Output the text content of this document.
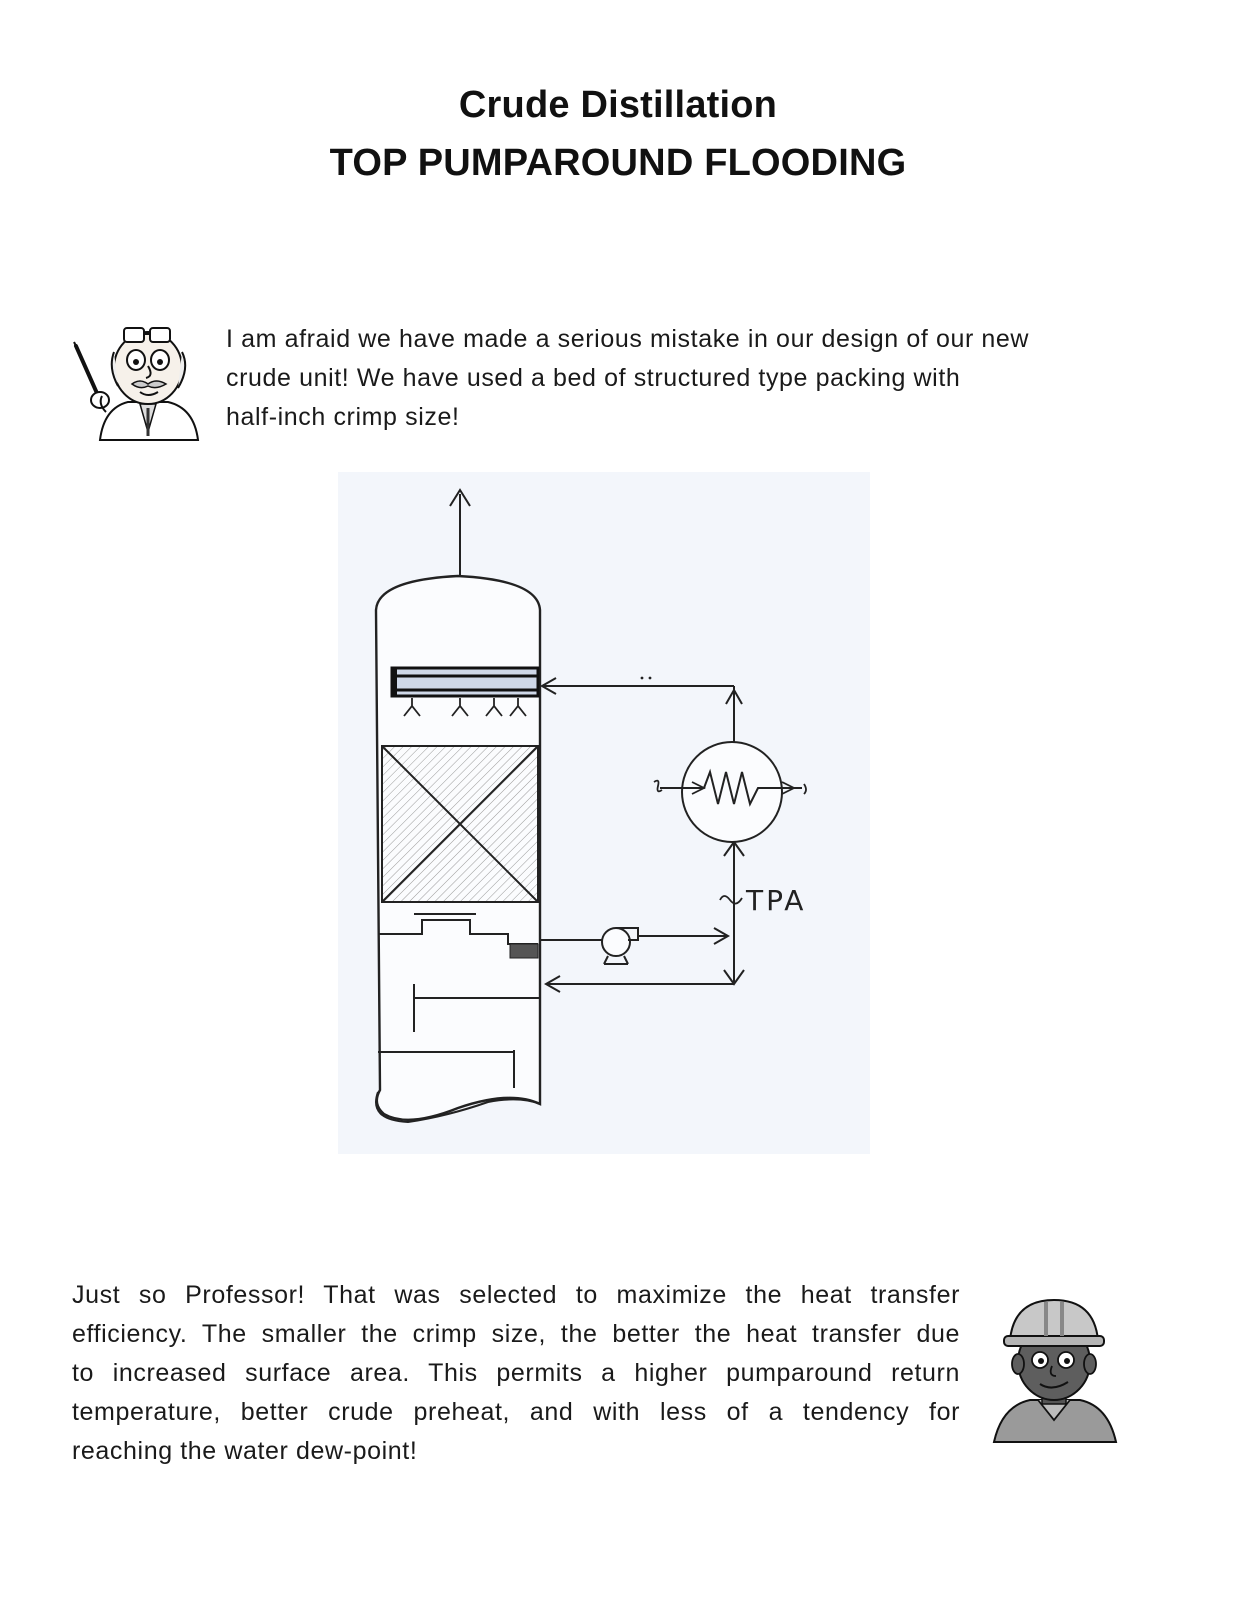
Crude Distillation
TOP PUMPAROUND FLOODING
I am afraid we have made a serious mistake in our design of our new
crude unit! We have used a bed of structured type packing with
half-inch crimp size!
TPA
Just so Professor! That was selected to maximize the heat transfer
efficiency. The smaller the crimp size, the better the heat transfer due
to increased surface area. This permits a higher pumparound return
temperature, better crude preheat, and with less of a tendency for
reaching the water dew-point!
